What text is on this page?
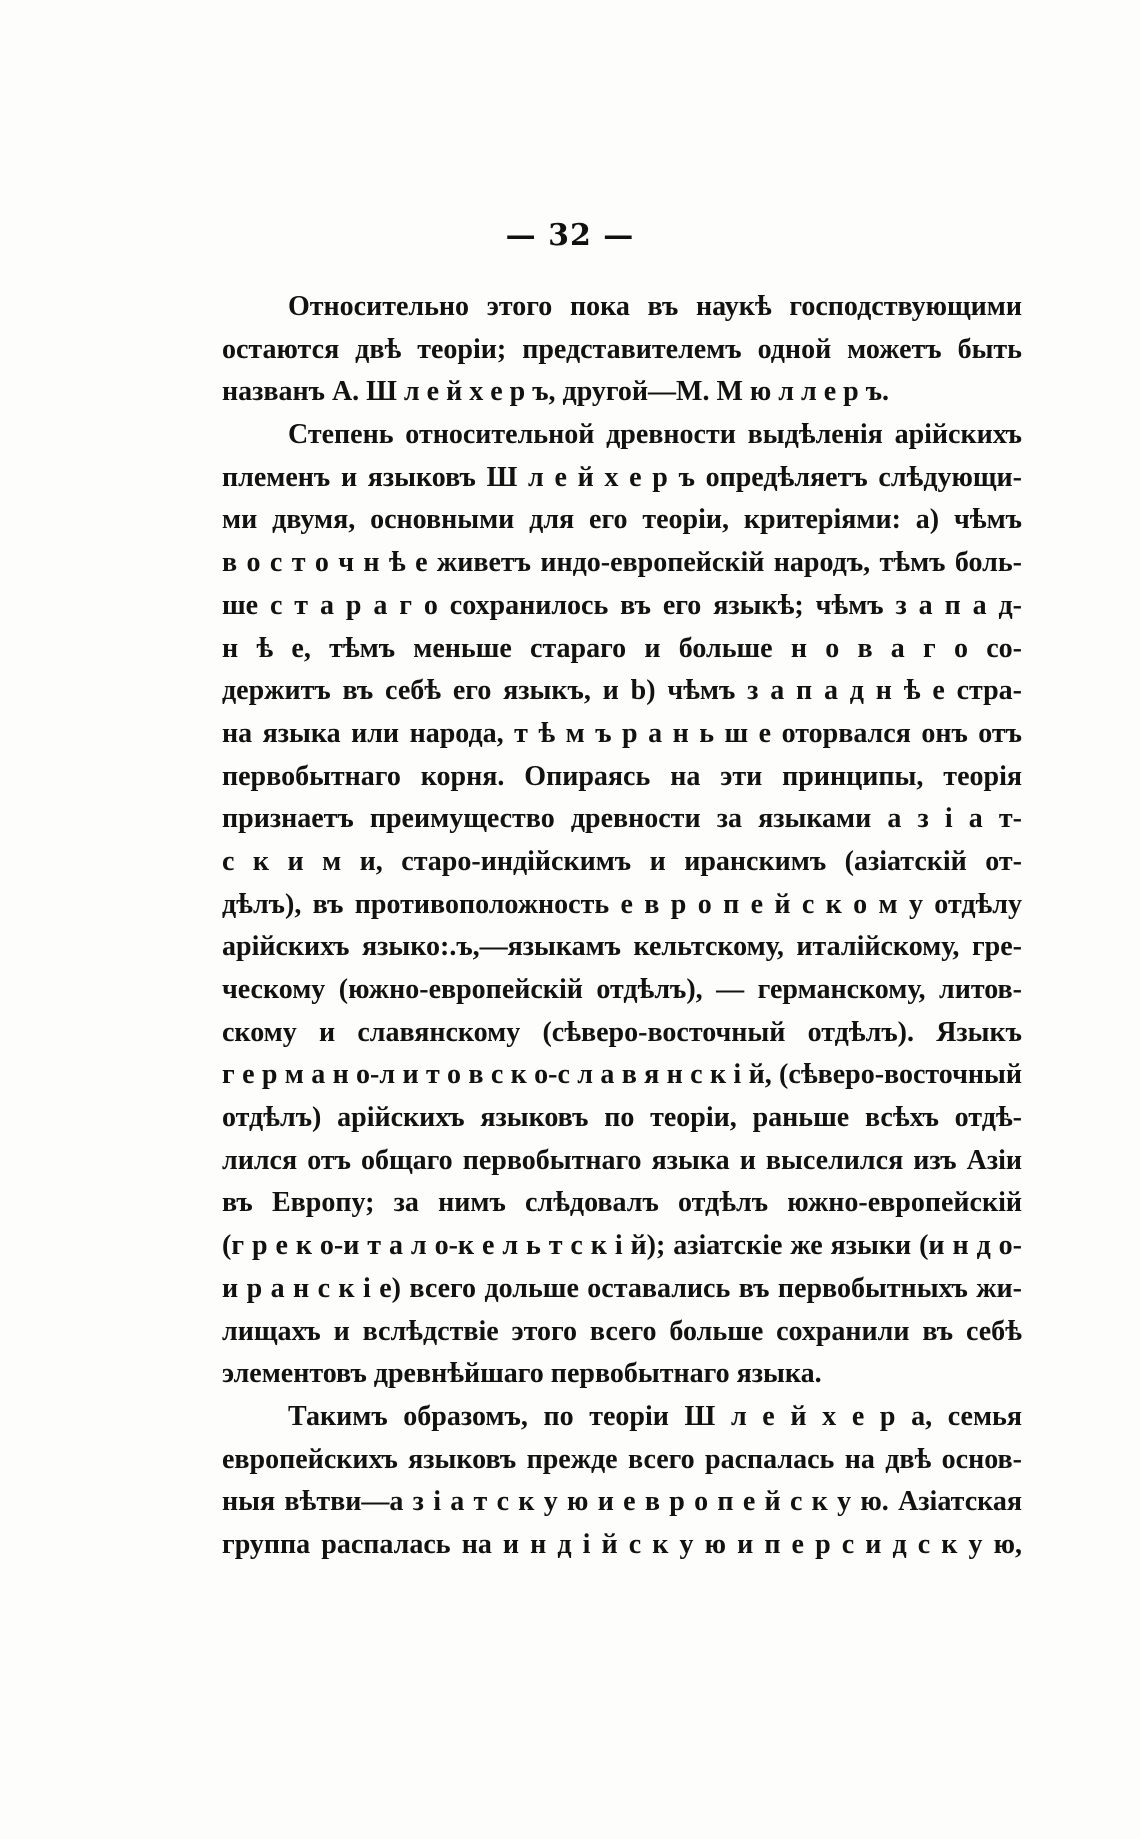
— 32 —
Относительно этого пока въ наукѣ господствующими
остаются двѣ теоріи; представителемъ одной можетъ быть
названъ А. Ш л е й х е р ъ, другой—М. М ю л л е р ъ.
Степень относительной древности выдѣленія арійскихъ
племенъ и языковъ Ш л е й х е р ъ опредѣляетъ слѣдующи-
ми двумя, основными для его теоріи, критеріями: a) чѣмъ
в о с т о ч н ѣ е живетъ индо-европейскій народъ, тѣмъ боль-
ше с т а р а г о сохранилось въ его языкѣ; чѣмъ з а п а д-
н ѣ е, тѣмъ меньше стараго и больше н о в а г о со-
держитъ въ себѣ его языкъ, и b) чѣмъ з а п а д н ѣ е стра-
на языка или народа, т ѣ м ъ р а н ь ш е оторвался онъ отъ
первобытнаго корня. Опираясь на эти принципы, теорія
признаетъ преимущество древности за языками а з і а т-
с к и м и, старо-индійскимъ и иранскимъ (азіатскій от-
дѣлъ), въ противоположность е в р о п е й с к о м у отдѣлу
арійскихъ языко:.ъ,—языкамъ кельтскому, италійскому, гре-
ческому (южно-европейскій отдѣлъ), — германскому, литов-
скому и славянскому (сѣверо-восточный отдѣлъ). Языкъ
г е р м а н о-л и т о в с к о-с л а в я н с к і й, (сѣверо-восточный
отдѣлъ) арійскихъ языковъ по теоріи, раньше всѣхъ отдѣ-
лился отъ общаго первобытнаго языка и выселился изъ Азіи
въ Европу; за нимъ слѣдовалъ отдѣлъ южно-европейскій
(г р е к о-и т а л о-к е л ь т с к і й); азіатскіе же языки (и н д о-
и р а н с к і е) всего дольше оставались въ первобытныхъ жи-
лищахъ и вслѣдствіе этого всего больше сохранили въ себѣ
элементовъ древнѣйшаго первобытнаго языка.
Такимъ образомъ, по теоріи Ш л е й х е р а, семья
европейскихъ языковъ прежде всего распалась на двѣ основ-
ныя вѣтви—а з і а т с к у ю и е в р о п е й с к у ю. Азіатская
группа распалась на и н д і й с к у ю и п е р с и д с к у ю,
